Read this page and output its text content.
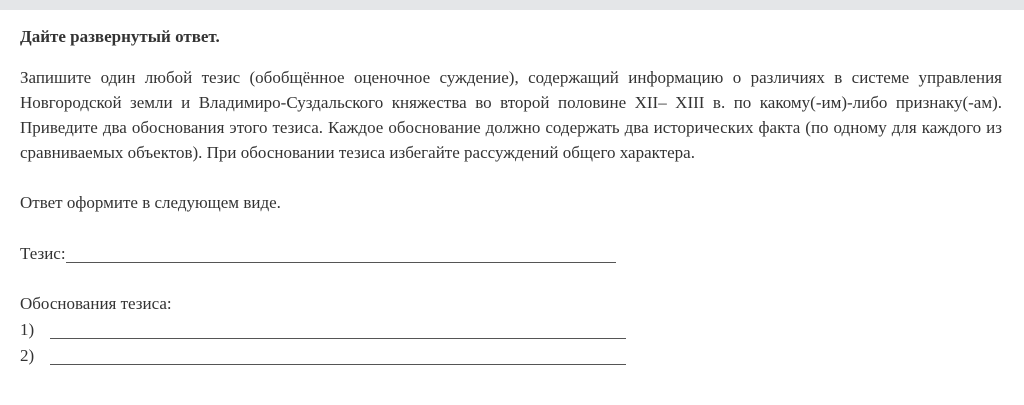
Дайте развернутый ответ.

Запишите один любой тезис (обобщённое оценочное суждение), содержащий информацию о различиях в системе управления Новгородской земли и Владимиро-Суздальского княжества во второй половине XII– XIII в. по какому(-им)-либо признаку(-ам). Приведите два обоснования этого тезиса. Каждое обоснование должно содержать два исторических факта (по одному для каждого из сравниваемых объектов). При обосновании тезиса избегайте рассуждений общего характера.

Ответ оформите в следующем виде.

Тезис:
Обоснования тезиса:
1)
2)
